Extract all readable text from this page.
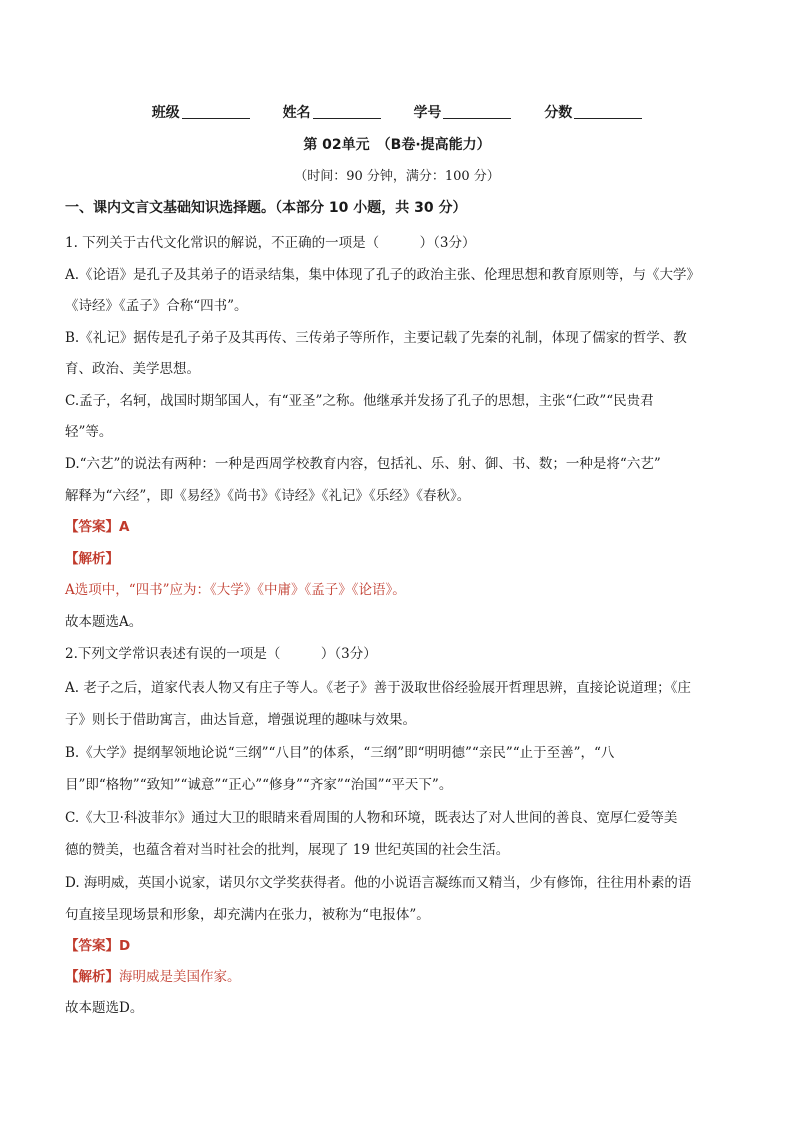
班级	姓名	学号	分数
第 02单元　（B卷·提高能力）
（时间：90 分钟，满分：100 分）
一、课内文言文基础知识选择题。（本部分 10 小题，共 30 分）
1. 下列关于古代文化常识的解说，不正确的一项是（　　　）（3分）
A.《论语》是孔子及其弟子的语录结集，集中体现了孔子的政治主张、伦理思想和教育原则等，与《大学》
《诗经》《孟子》合称“四书”。
B.《礼记》据传是孔子弟子及其再传、三传弟子等所作，主要记载了先秦的礼制，体现了儒家的哲学、教
育、政治、美学思想。
C.孟子，名轲，战国时期邹国人，有“亚圣”之称。他继承并发扬了孔子的思想，主张“仁政”“民贵君
轻”等。
D.“六艺”的说法有两种：一种是西周学校教育内容，包括礼、乐、射、御、书、数；一种是将“六艺”
解释为“六经”，即《易经》《尚书》《诗经》《礼记》《乐经》《春秋》。
【答案】A
【解析】
A选项中，“四书”应为：《大学》《中庸》《孟子》《论语》。
故本题选A。
2.下列文学常识表述有误的一项是（　　　）（3分）
A. 老子之后，道家代表人物又有庄子等人。《老子》善于汲取世俗经验展开哲理思辨，直接论说道理；《庄
子》则长于借助寓言，曲达旨意，增强说理的趣味与效果。
B.《大学》提纲挈领地论说“三纲”“八目”的体系，“三纲”即“明明德”“亲民”“止于至善”，“八
目”即“格物”“致知”“诚意”“正心”“修身”“齐家”“治国”“平天下”。
C.《大卫·科波菲尔》通过大卫的眼睛来看周围的人物和环境，既表达了对人世间的善良、宽厚仁爱等美
德的赞美，也蕴含着对当时社会的批判，展现了 19 世纪英国的社会生活。
D. 海明威，英国小说家，诺贝尔文学奖获得者。他的小说语言凝练而又精当，少有修饰，往往用朴素的语
句直接呈现场景和形象，却充满内在张力，被称为“电报体”。
【答案】D
【解析】海明威是美国作家。
故本题选D。
